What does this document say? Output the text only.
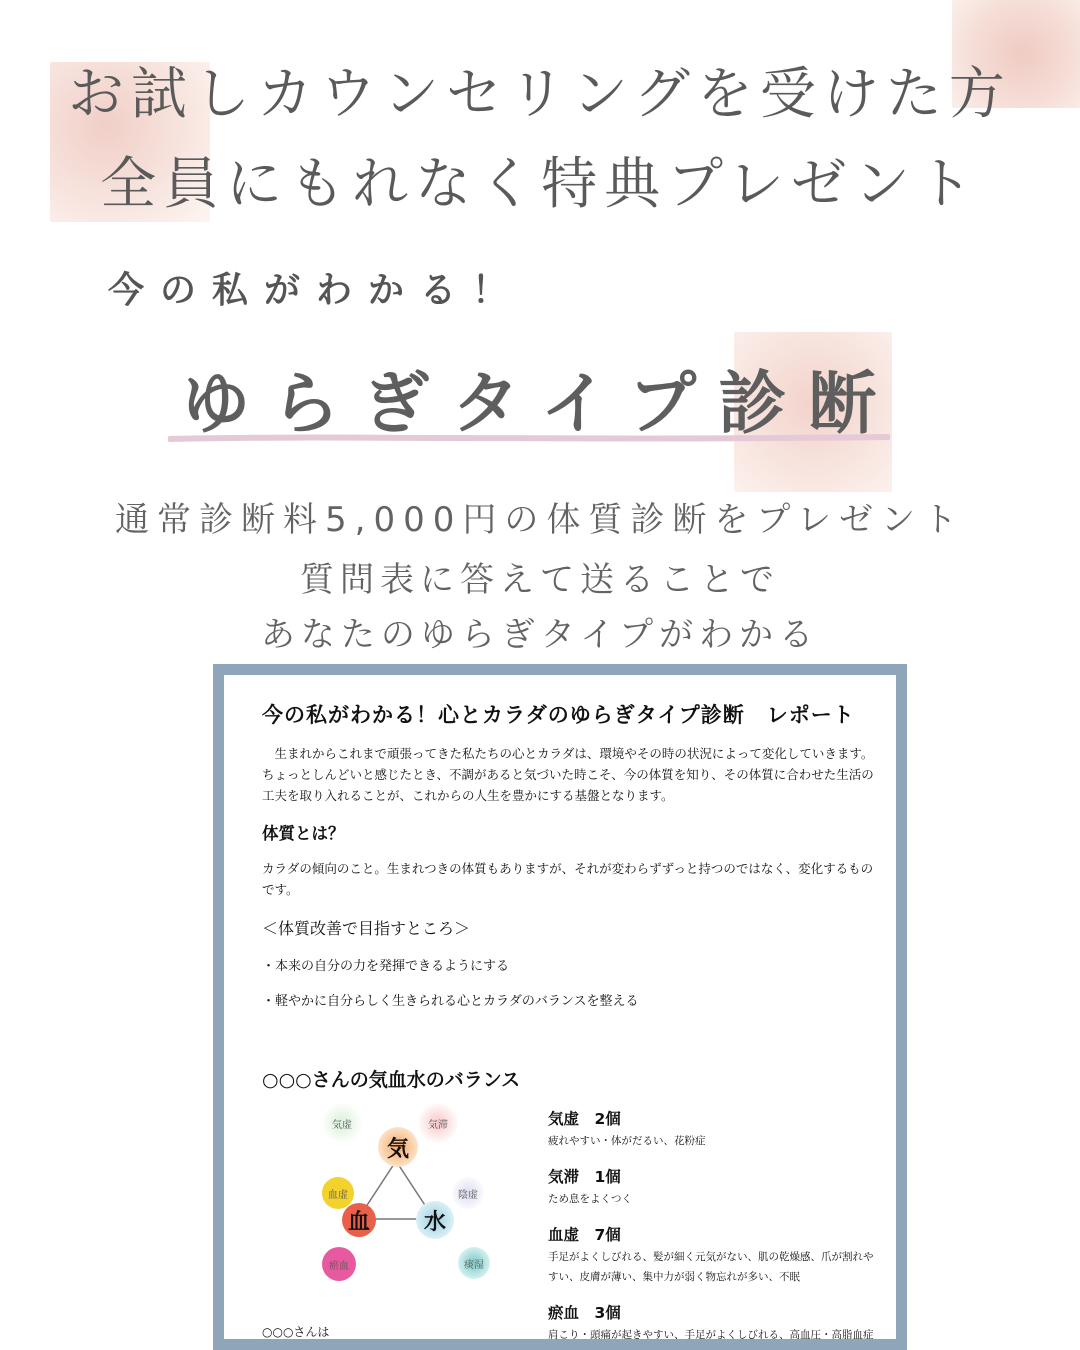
お試しカウンセリングを受けた方
全員にもれなく特典プレゼント
今の私がわかる！
ゆらぎタイプ診断
通常診断料5,000円の体質診断をプレゼント
質問表に答えて送ることで
あなたのゆらぎタイプがわかる
今の私がわかる！心とカラダのゆらぎタイプ診断　レポート
　生まれからこれまで頑張ってきた私たちの心とカラダは、環境やその時の状況によって変化していきます。ちょっとしんどいと感じたとき、不調があると気づいた時こそ、今の体質を知り、その体質に合わせた生活の工夫を取り入れることが、これからの人生を豊かにする基盤となります。
体質とは？
カラダの傾向のこと。生まれつきの体質もありますが、それが変わらずずっと持つのではなく、変化するものです。
＜体質改善で目指すところ＞
・本来の自分の力を発揮できるようにする
・軽やかに自分らしく生きられる心とカラダのバランスを整える
○○○さんの気血水のバランス
気虚	気滞
気
血虚	陰虚
血	水
瘀血	痰湿
気虚　2個
疲れやすい・体がだるい、花粉症
気滞　1個
ため息をよくつく
血虚　7個
手足がよくしびれる、髪が細く元気がない、肌の乾燥感、爪が割れやすい、皮膚が薄い、集中力が弱く物忘れが多い、不眠
瘀血　3個
肩こり・頭痛が起きやすい、手足がよくしびれる、高血圧・高脂血症
○○○さんは
血虚に7個と多く当てはまるものがありました
